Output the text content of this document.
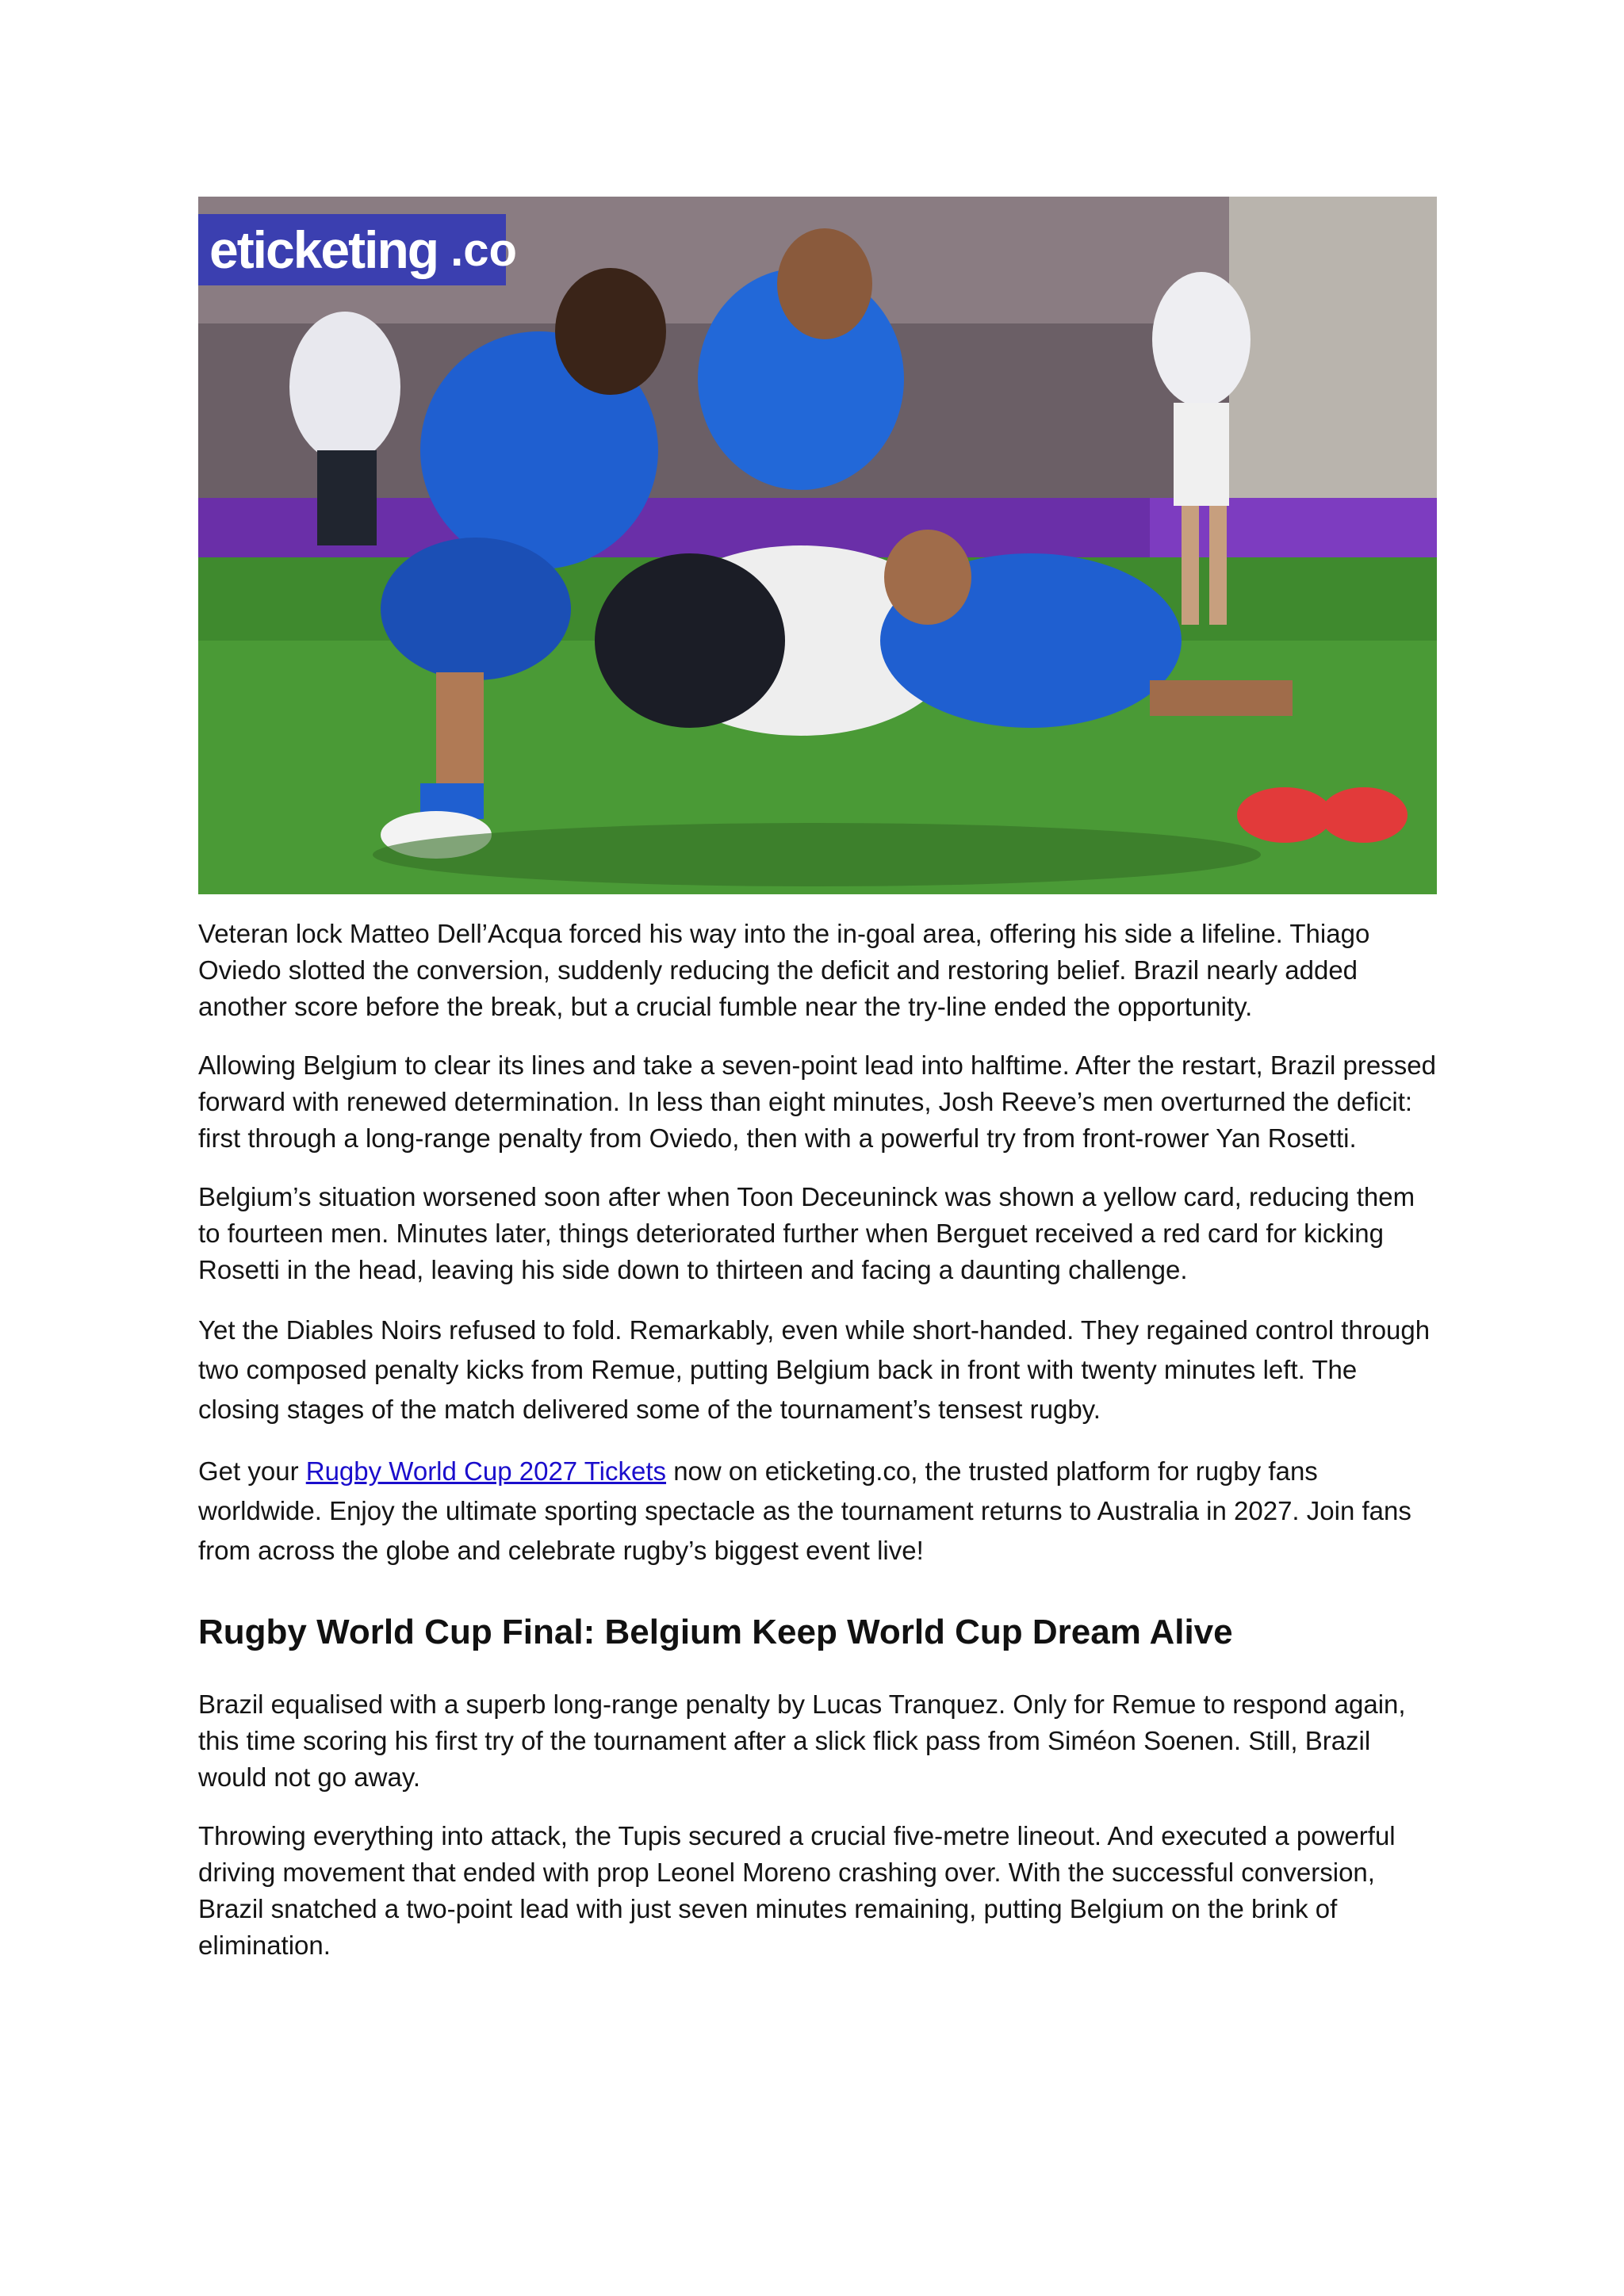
eticketing .co

Veteran lock Matteo Dell’Acqua forced his way into the in-goal area, offering his side a lifeline. Thiago Oviedo slotted the conversion, suddenly reducing the deficit and restoring belief. Brazil nearly added another score before the break, but a crucial fumble near the try-line ended the opportunity.

Allowing Belgium to clear its lines and take a seven-point lead into halftime. After the restart, Brazil pressed forward with renewed determination. In less than eight minutes, Josh Reeve’s men overturned the deficit: first through a long-range penalty from Oviedo, then with a powerful try from front-rower Yan Rosetti.

Belgium’s situation worsened soon after when Toon Deceuninck was shown a yellow card, reducing them to fourteen men. Minutes later, things deteriorated further when Berguet received a red card for kicking Rosetti in the head, leaving his side down to thirteen and facing a daunting challenge.

Yet the Diables Noirs refused to fold. Remarkably, even while short-handed. They regained control through two composed penalty kicks from Remue, putting Belgium back in front with twenty minutes left. The closing stages of the match delivered some of the tournament’s tensest rugby.

Get your Rugby World Cup 2027 Tickets now on eticketing.co, the trusted platform for rugby fans worldwide. Enjoy the ultimate sporting spectacle as the tournament returns to Australia in 2027. Join fans from across the globe and celebrate rugby’s biggest event live!

Rugby World Cup Final: Belgium Keep World Cup Dream Alive

Brazil equalised with a superb long-range penalty by Lucas Tranquez. Only for Remue to respond again, this time scoring his first try of the tournament after a slick flick pass from Siméon Soenen. Still, Brazil would not go away.

Throwing everything into attack, the Tupis secured a crucial five-metre lineout. And executed a powerful driving movement that ended with prop Leonel Moreno crashing over. With the successful conversion, Brazil snatched a two-point lead with just seven minutes remaining, putting Belgium on the brink of elimination.
